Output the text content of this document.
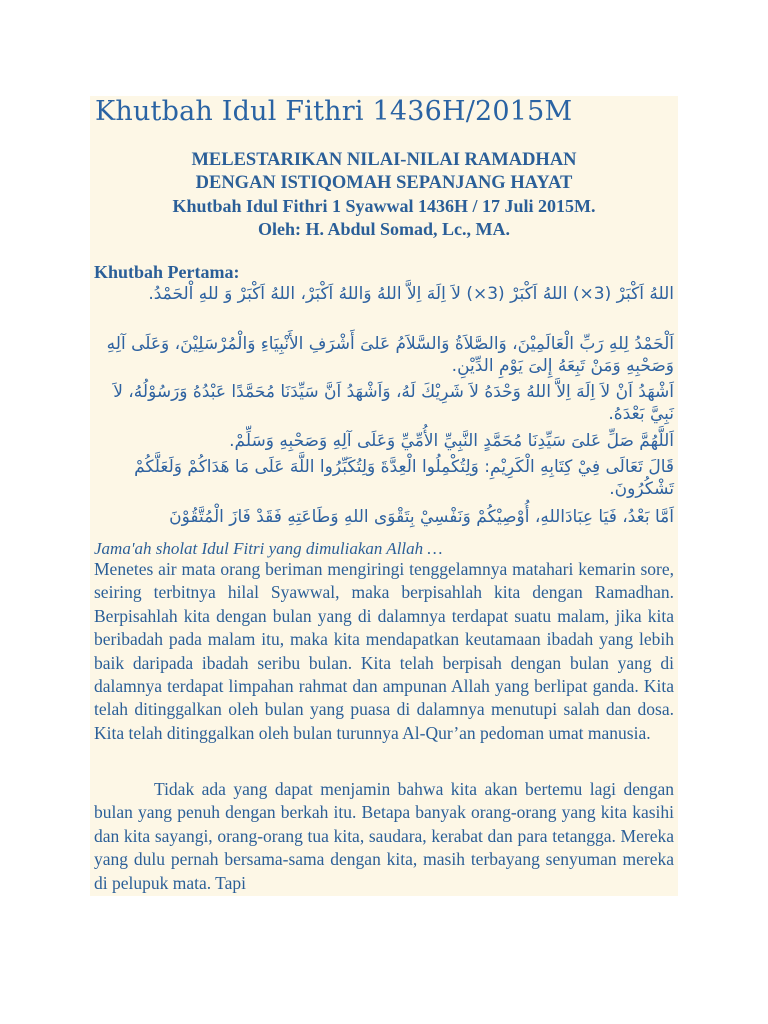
Khutbah Idul Fithri 1436H/2015M
MELESTARIKAN NILAI-NILAI RAMADHAN
DENGAN ISTIQOMAH SEPANJANG HAYAT
Khutbah Idul Fithri 1 Syawwal 1436H / 17 Juli 2015M.
Oleh: H. Abdul Somad, Lc., MA.
Khutbah Pertama:
اللهُ اَكْبَرْ (3×) اللهُ اَكْبَرْ (3×) لاَ اِلَهَ اِلاَّ اللهُ وَاللهُ اَكْبَرْ، اللهُ اَكْبَرْ وَ للهِ اْلحَمْدُ.
اَلْحَمْدُ لِلهِ رَبِّ الْعَالَمِيْنَ، وَالصَّلاَةُ وَالسَّلاَمُ عَلىَ أَشْرَفِ الأَنْبِيَاءِ وَالْمُرْسَلِيْنَ، وَعَلَى آلِهِ وَصَحْبِهِ وَمَنْ تَبِعَهُ إِلىَ يَوْمِ الدِّيْنِ.
اَشْهَدُ اَنْ لاَ اِلَهَ اِلاَّ اللهُ وَحْدَهُ لاَ شَرِيْكَ لَهُ، وَاَشْهَدُ اَنَّ سَيِّدَنَا مُحَمَّدًا عَبْدُهُ وَرَسُوْلُهُ، لاَ نَبِيَّ بَعْدَهُ.
اَللَّهُمَّ صَلِّ عَلىَ سَيِّدِنَا مُحَمَّدٍ النَّبِيِّ الأُمِّيِّ وَعَلَى آلِهِ وَصَحْبِهِ وَسَلِّمْ.
قَالَ تَعَالَى فِيْ كِتَابِهِ الْكَرِيْمِ: وَلِتُكْمِلُوا الْعِدَّةَ وَلِتُكَبِّرُوا اللَّهَ عَلَى مَا هَدَاكُمْ وَلَعَلَّكُمْ تَشْكُرُونَ.
اَمَّا بَعْدُ، فَيَا عِبَادَاللهِ، أُوْصِيْكُمْ وَنَفْسِيْ بِتَقْوَى اللهِ وَطَاعَتِهِ فَقَدْ فَازَ الْمُتَّقُوْنَ
Jama'ah sholat Idul Fitri yang dimuliakan Allah …
Menetes air mata orang beriman mengiringi tenggelamnya matahari kemarin sore, seiring terbitnya hilal Syawwal, maka berpisahlah kita dengan Ramadhan. Berpisahlah kita dengan bulan yang di dalamnya terdapat suatu malam, jika kita beribadah pada malam itu, maka kita mendapatkan keutamaan ibadah yang lebih baik daripada ibadah seribu bulan. Kita telah berpisah dengan bulan yang di dalamnya terdapat limpahan rahmat dan ampunan Allah yang berlipat ganda. Kita telah ditinggalkan oleh bulan yang puasa di dalamnya menutupi salah dan dosa. Kita telah ditinggalkan oleh bulan turunnya Al-Qur’an pedoman umat manusia.
Tidak ada yang dapat menjamin bahwa kita akan bertemu lagi dengan bulan yang penuh dengan berkah itu. Betapa banyak orang-orang yang kita kasihi dan kita sayangi, orang-orang tua kita, saudara, kerabat dan para tetangga. Mereka yang dulu pernah bersama-sama dengan kita, masih terbayang senyuman mereka di pelupuk mata. Tapi
